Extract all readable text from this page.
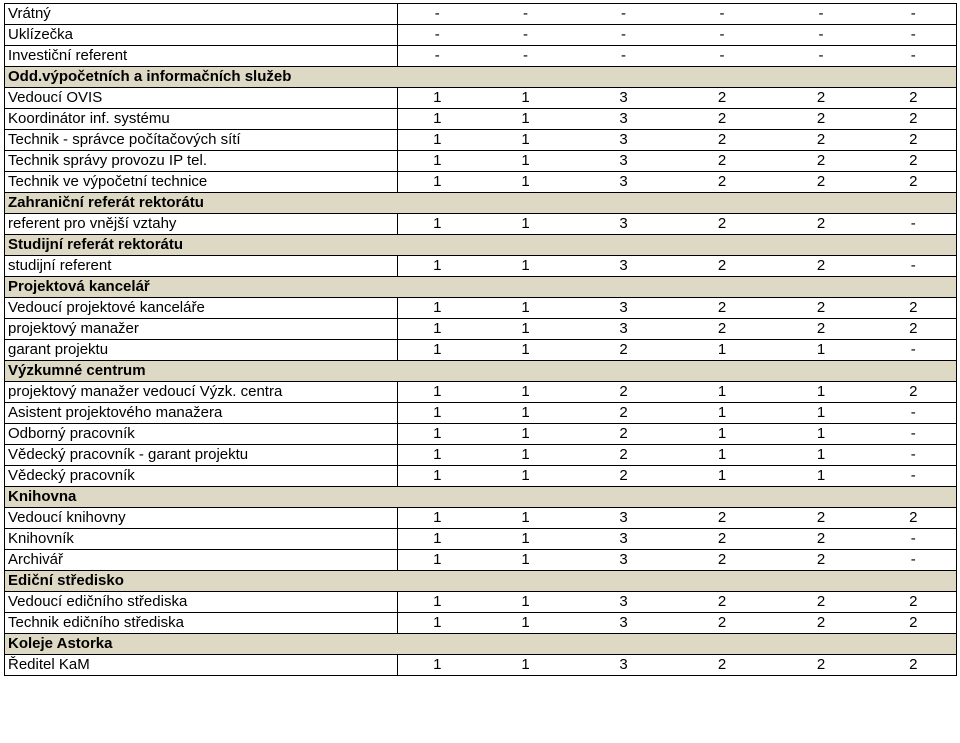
Vrátný	-	-	-	-	-	-
Uklízečka	-	-	-	-	-	-
Investiční referent	-	-	-	-	-	-
Odd.výpočetních a informačních služeb						
Vedoucí OVIS	1	1	3	2	2	2
Koordinátor inf. systému	1	1	3	2	2	2
Technik - správce počítačových sítí	1	1	3	2	2	2
Technik správy provozu IP tel.	1	1	3	2	2	2
Technik ve výpočetní technice	1	1	3	2	2	2
Zahraniční referát rektorátu						
referent pro vnější vztahy	1	1	3	2	2	-
Studijní referát rektorátu						
studijní referent	1	1	3	2	2	-
Projektová kancelář						
Vedoucí projektové kanceláře	1	1	3	2	2	2
projektový manažer	1	1	3	2	2	2
garant projektu	1	1	2	1	1	-
Výzkumné centrum						
projektový manažer vedoucí Výzk. centra	1	1	2	1	1	2
Asistent projektového manažera	1	1	2	1	1	-
Odborný pracovník	1	1	2	1	1	-
Vědecký pracovník - garant projektu	1	1	2	1	1	-
Vědecký pracovník	1	1	2	1	1	-
Knihovna						
Vedoucí knihovny	1	1	3	2	2	2
Knihovník	1	1	3	2	2	-
Archivář	1	1	3	2	2	-
Ediční středisko						
Vedoucí edičního střediska	1	1	3	2	2	2
Technik edičního střediska	1	1	3	2	2	2
Koleje Astorka						
Ředitel KaM	1	1	3	2	2	2
